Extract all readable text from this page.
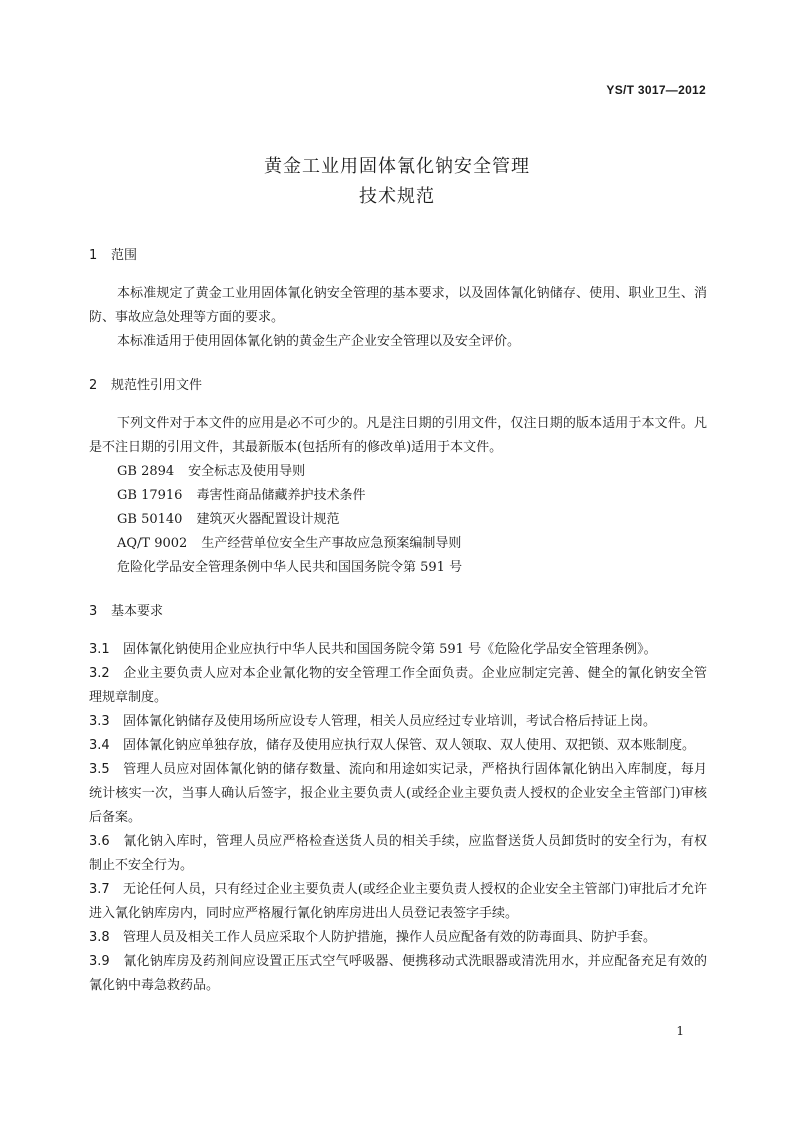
YS/T 3017—2012
黄金工业用固体氰化钠安全管理
技术规范
1 范围

本标准规定了黄金工业用固体氰化钠安全管理的基本要求，以及固体氰化钠储存、使用、职业卫生、消防、事故应急处理等方面的要求。

本标准适用于使用固体氰化钠的黄金生产企业安全管理以及安全评价。

2 规范性引用文件

下列文件对于本文件的应用是必不可少的。凡是注日期的引用文件，仅注日期的版本适用于本文件。凡是不注日期的引用文件，其最新版本(包括所有的修改单)适用于本文件。

GB 2894 安全标志及使用导则
GB 17916 毒害性商品储藏养护技术条件
GB 50140 建筑灭火器配置设计规范
AQ/T 9002 生产经营单位安全生产事故应急预案编制导则
危险化学品安全管理条例中华人民共和国国务院令第 591 号
3 基本要求

3.1 固体氰化钠使用企业应执行中华人民共和国国务院令第 591 号《危险化学品安全管理条例》。

3.2 企业主要负责人应对本企业氰化物的安全管理工作全面负责。企业应制定完善、健全的氰化钠安全管理规章制度。

3.3 固体氰化钠储存及使用场所应设专人管理，相关人员应经过专业培训，考试合格后持证上岗。

3.4 固体氰化钠应单独存放，储存及使用应执行双人保管、双人领取、双人使用、双把锁、双本账制度。

3.5 管理人员应对固体氰化钠的储存数量、流向和用途如实记录，严格执行固体氰化钠出入库制度，每月统计核实一次，当事人确认后签字，报企业主要负责人(或经企业主要负责人授权的企业安全主管部门)审核后备案。

3.6 氰化钠入库时，管理人员应严格检查送货人员的相关手续，应监督送货人员卸货时的安全行为，有权制止不安全行为。

3.7 无论任何人员，只有经过企业主要负责人(或经企业主要负责人授权的企业安全主管部门)审批后才允许进入氰化钠库房内，同时应严格履行氰化钠库房进出人员登记表签字手续。

3.8 管理人员及相关工作人员应采取个人防护措施，操作人员应配备有效的防毒面具、防护手套。

3.9 氰化钠库房及药剂间应设置正压式空气呼吸器、便携移动式洗眼器或清洗用水，并应配备充足有效的氰化钠中毒急救药品。

1
